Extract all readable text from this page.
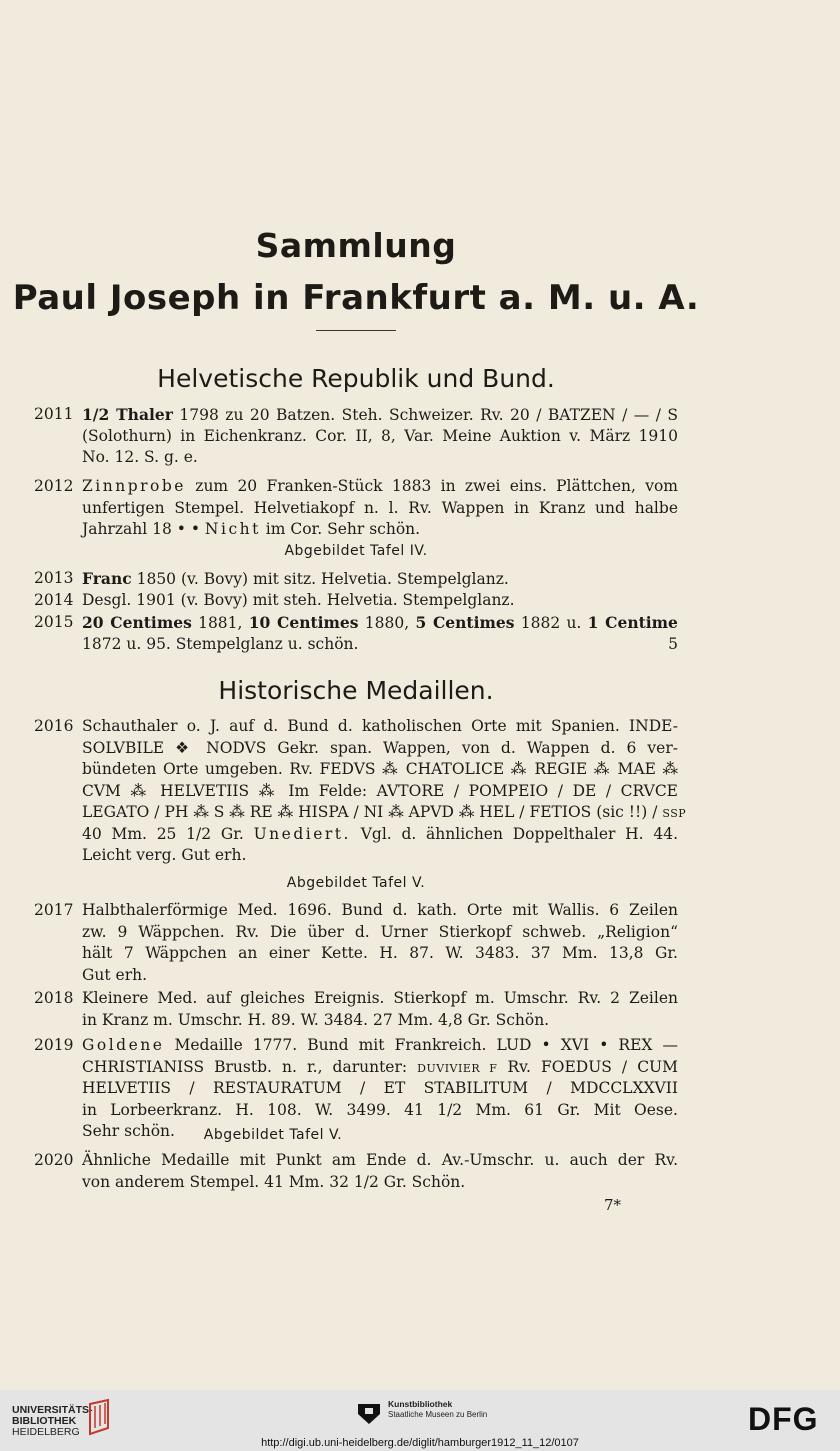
Sammlung
Paul Joseph in Frankfurt a. M. u. A.
Helvetische Republik und Bund.
2011 1/2 Thaler 1798 zu 20 Batzen. Steh. Schweizer. Rv. 20 / BATZEN / — / S
(Solothurn) in Eichenkranz. Cor. II, 8, Var. Meine Auktion v. März 1910
No. 12. S. g. e.
2012 Zinnprobe zum 20 Franken-Stück 1883 in zwei eins. Plättchen, vom
unfertigen Stempel. Helvetiakopf n. l. Rv. Wappen in Kranz und halbe
Jahrzahl 18 • • Nicht im Cor. Sehr schön.
Abgebildet Tafel IV.
2013 Franc 1850 (v. Bovy) mit sitz. Helvetia. Stempelglanz.
2014 Desgl. 1901 (v. Bovy) mit steh. Helvetia. Stempelglanz.
2015 20 Centimes 1881, 10 Centimes 1880, 5 Centimes 1882 u. 1 Centime
1872 u. 95. Stempelglanz u. schön.	5
Historische Medaillen.
2016 Schauthaler o. J. auf d. Bund d. katholischen Orte mit Spanien. INDE-
SOLVBILE ❖ NODVS Gekr. span. Wappen, von d. Wappen d. 6 ver-
bündeten Orte umgeben. Rv. FEDVS ⁂ CHATOLICE ⁂ REGIE ⁂ MAE ⁂
CVM ⁂ HELVETIIS ⁂ Im Felde: AVTORE / POMPEIO / DE / CRVCE
LEGATO / PH ⁂ S ⁂ RE ⁂ HISPA / NI ⁂ APVD ⁂ HEL / FETIOS (sic !!) / SSP
40 Mm. 25 1/2 Gr. Unediert. Vgl. d. ähnlichen Doppelthaler H. 44.
Leicht verg. Gut erh.
Abgebildet Tafel V.
2017 Halbthalerförmige Med. 1696. Bund d. kath. Orte mit Wallis. 6 Zeilen
zw. 9 Wäppchen. Rv. Die über d. Urner Stierkopf schweb. „Religion“
hält 7 Wäppchen an einer Kette. H. 87. W. 3483. 37 Mm. 13,8 Gr.
Gut erh.
2018 Kleinere Med. auf gleiches Ereignis. Stierkopf m. Umschr. Rv. 2 Zeilen
in Kranz m. Umschr. H. 89. W. 3484. 27 Mm. 4,8 Gr. Schön.
2019 Goldene Medaille 1777. Bund mit Frankreich. LUD • XVI • REX —
CHRISTIANISS Brustb. n. r., darunter: DUVIVIER F Rv. FOEDUS / CUM
HELVETIIS / RESTAURATUM / ET STABILITUM / MDCCLXXVII
in Lorbeerkranz. H. 108. W. 3499. 41 1/2 Mm. 61 Gr. Mit Oese.
Sehr schön.	Abgebildet Tafel V.
2020 Ähnliche Medaille mit Punkt am Ende d. Av.-Umschr. u. auch der Rv.
von anderem Stempel. 41 Mm. 32 1/2 Gr. Schön.
7*
UNIVERSITÄTS-
BIBLIOTHEK
HEIDELBERG
Kunstbibliothek
Staatliche Museen zu Berlin	DFG
http://digi.ub.uni-heidelberg.de/diglit/hamburger1912_11_12/0107
